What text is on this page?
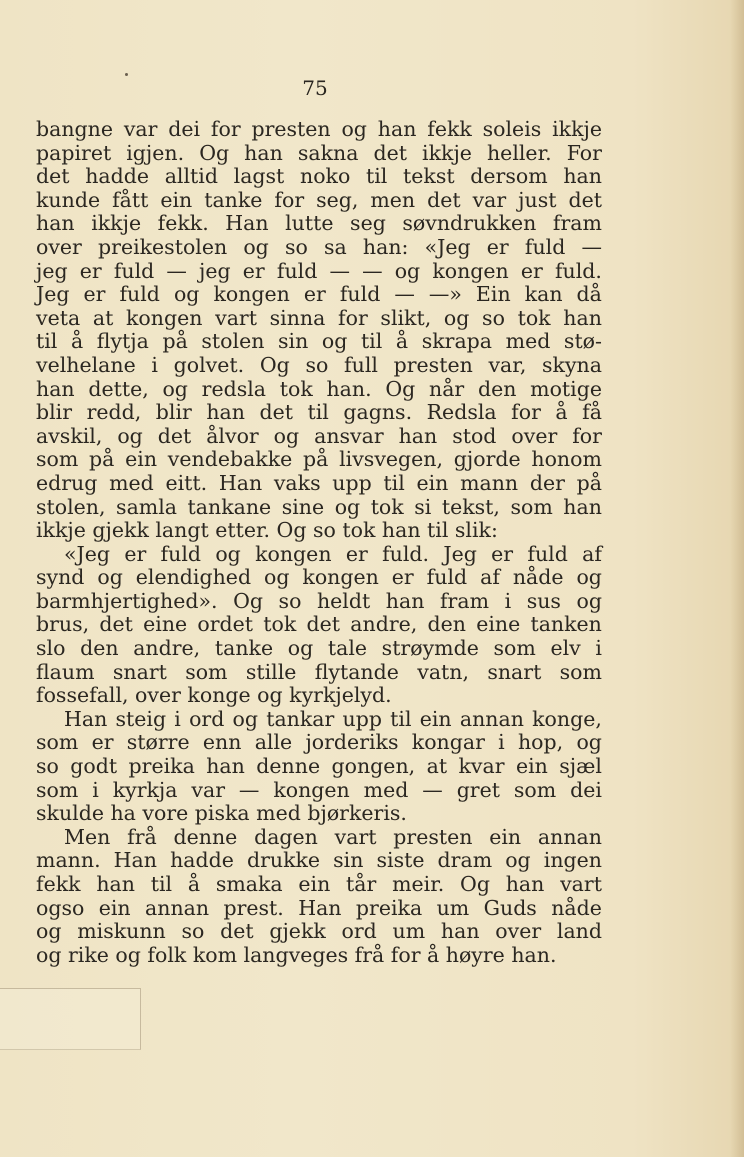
75
bangne var dei for presten og han fekk soleis ikkje
papiret igjen. Og han sakna det ikkje heller. For
det hadde alltid lagst noko til tekst dersom han
kunde fått ein tanke for seg, men det var just det
han ikkje fekk. Han lutte seg søvndrukken fram
over preikestolen og so sa han: «Jeg er fuld —
jeg er fuld — jeg er fuld — — og kongen er fuld.
Jeg er fuld og kongen er fuld — —» Ein kan då
veta at kongen vart sinna for slikt, og so tok han
til å flytja på stolen sin og til å skrapa med stø-
velhelane i golvet. Og so full presten var, skyna
han dette, og redsla tok han. Og når den motige
blir redd, blir han det til gagns. Redsla for å få
avskil, og det ålvor og ansvar han stod over for
som på ein vendebakke på livsvegen, gjorde honom
edrug med eitt. Han vaks upp til ein mann der på
stolen, samla tankane sine og tok si tekst, som han
ikkje gjekk langt etter. Og so tok han til slik:
«Jeg er fuld og kongen er fuld. Jeg er fuld af
synd og elendighed og kongen er fuld af nåde og
barmhjertighed». Og so heldt han fram i sus og
brus, det eine ordet tok det andre, den eine tanken
slo den andre, tanke og tale strøymde som elv i
flaum snart som stille flytande vatn, snart som
fossefall, over konge og kyrkjelyd.
Han steig i ord og tankar upp til ein annan konge,
som er større enn alle jorderiks kongar i hop, og
so godt preika han denne gongen, at kvar ein sjæl
som i kyrkja var — kongen med — gret som dei
skulde ha vore piska med bjørkeris.
Men frå denne dagen vart presten ein annan
mann. Han hadde drukke sin siste dram og ingen
fekk han til å smaka ein tår meir. Og han vart
ogso ein annan prest. Han preika um Guds nåde
og miskunn so det gjekk ord um han over land
og rike og folk kom langveges frå for å høyre han.
